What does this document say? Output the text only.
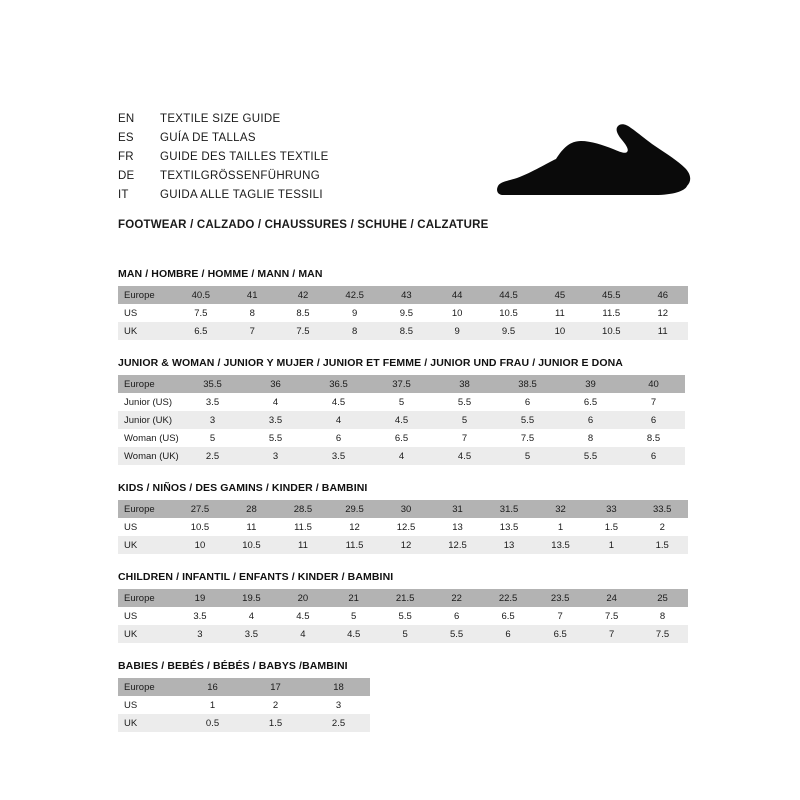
EN	TEXTILE SIZE GUIDE
ES	GUÍA DE TALLAS
FR	GUIDE DES TAILLES TEXTILE
DE	TEXTILGRÖSSENFÜHRUNG
IT	GUIDA ALLE TAGLIE TESSILI
FOOTWEAR / CALZADO / CHAUSSURES / SCHUHE / CALZATURE
MAN / HOMBRE / HOMME / MANN / MAN
Europe	40.5	41	42	42.5	43	44	44.5	45	45.5	46
US	7.5	8	8.5	9	9.5	10	10.5	11	11.5	12
UK	6.5	7	7.5	8	8.5	9	9.5	10	10.5	11
JUNIOR & WOMAN / JUNIOR Y MUJER / JUNIOR ET FEMME / JUNIOR UND FRAU / JUNIOR E DONA
Europe	35.5	36	36.5	37.5	38	38.5	39	40
Junior (US)	3.5	4	4.5	5	5.5	6	6.5	7
Junior (UK)	3	3.5	4	4.5	5	5.5	6	6
Woman (US)	5	5.5	6	6.5	7	7.5	8	8.5
Woman (UK)	2.5	3	3.5	4	4.5	5	5.5	6
KIDS / NIÑOS / DES GAMINS / KINDER / BAMBINI
Europe	27.5	28	28.5	29.5	30	31	31.5	32	33	33.5
US	10.5	11	11.5	12	12.5	13	13.5	1	1.5	2
UK	10	10.5	11	11.5	12	12.5	13	13.5	1	1.5
CHILDREN / INFANTIL / ENFANTS / KINDER / BAMBINI
Europe	19	19.5	20	21	21.5	22	22.5	23.5	24	25
US	3.5	4	4.5	5	5.5	6	6.5	7	7.5	8
UK	3	3.5	4	4.5	5	5.5	6	6.5	7	7.5
BABIES / BEBÉS / BÉBÉS / BABYS /BAMBINI
Europe	16	17	18
US	1	2	3
UK	0.5	1.5	2.5
